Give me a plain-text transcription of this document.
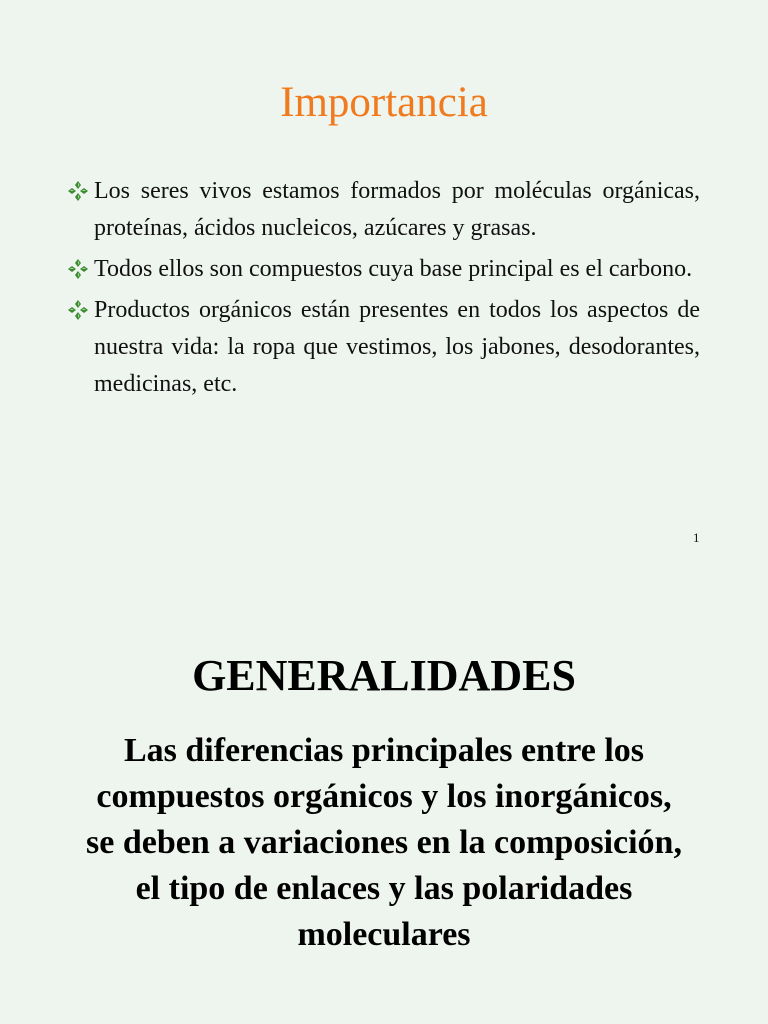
Importancia
Los seres vivos estamos formados por moléculas orgánicas, proteínas, ácidos nucleicos, azúcares y grasas.
Todos ellos son compuestos cuya base principal es el carbono.
Productos orgánicos están presentes en todos los aspectos de nuestra vida: la ropa que vestimos, los jabones, desodorantes, medicinas, etc.
1
GENERALIDADES

Las diferencias principales entre los compuestos orgánicos y los inorgánicos, se deben a variaciones en la composición, el tipo de enlaces y las polaridades moleculares
